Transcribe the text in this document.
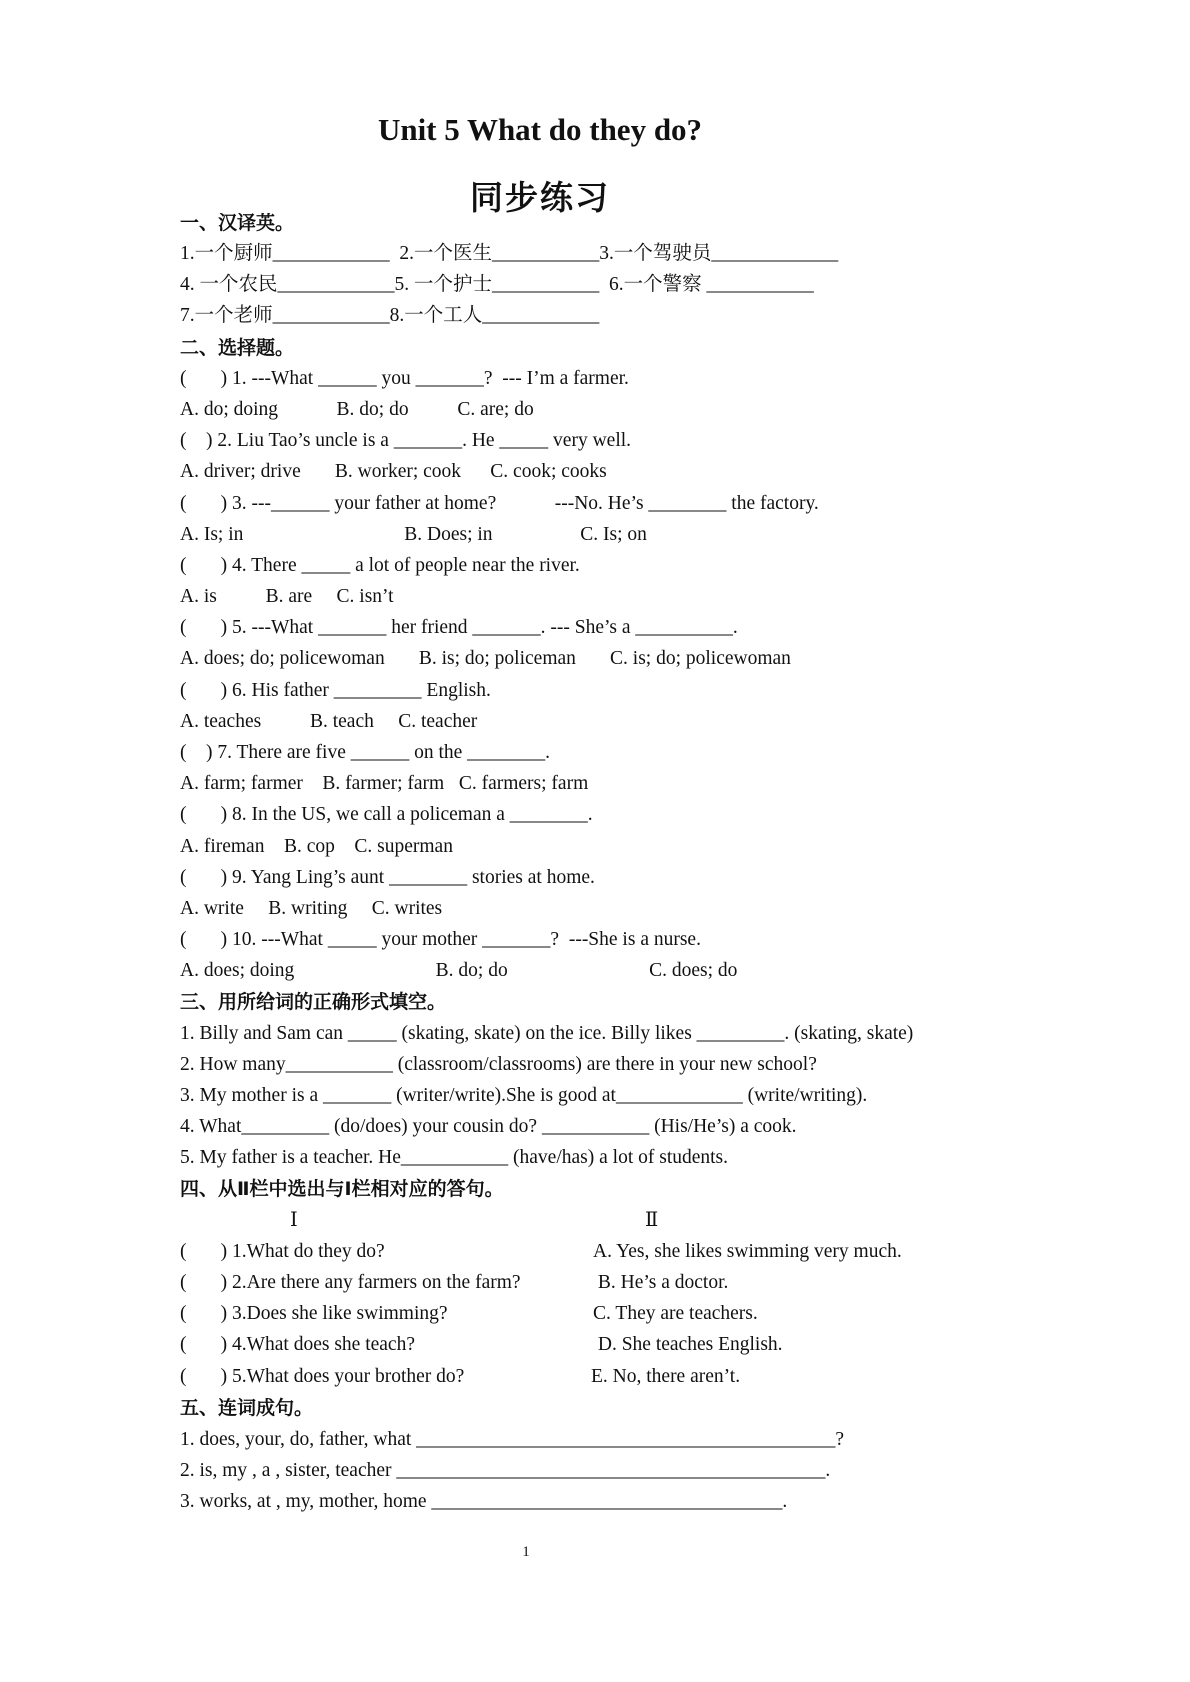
Unit 5 What do they do?
同步练习
一、汉译英。
1.一个厨师____________  2.一个医生___________3.一个驾驶员_____________
4. 一个农民____________5. 一个护士___________  6.一个警察 ___________
7.一个老师____________8.一个工人____________
二、选择题。
(       ) 1. ---What ______ you _______?  --- I’m a farmer.
A. do; doing            B. do; do          C. are; do
(    ) 2. Liu Tao’s uncle is a _______. He _____ very well.
A. driver; drive       B. worker; cook      C. cook; cooks
(       ) 3. ---______ your father at home?            ---No. He’s ________ the factory.
A. Is; in                                 B. Does; in                  C. Is; on
(       ) 4. There _____ a lot of people near the river.
A. is          B. are     C. isn’t
(       ) 5. ---What _______ her friend _______. --- She’s a __________.
A. does; do; policewoman       B. is; do; policeman       C. is; do; policewoman
(       ) 6. His father _________ English.
A. teaches          B. teach     C. teacher
(    ) 7. There are five ______ on the ________.
A. farm; farmer    B. farmer; farm   C. farmers; farm
(       ) 8. In the US, we call a policeman a ________.
A. fireman    B. cop    C. superman
(       ) 9. Yang Ling’s aunt ________ stories at home.
A. write     B. writing     C. writes
(       ) 10. ---What _____ your mother _______?  ---She is a nurse.
A. does; doing                             B. do; do                             C. does; do
三、用所给词的正确形式填空。
1. Billy and Sam can _____ (skating, skate) on the ice. Billy likes _________. (skating, skate)
2. How many___________ (classroom/classrooms) are there in your new school?
3. My mother is a _______ (writer/write).She is good at_____________ (write/writing).
4. What_________ (do/does) your cousin do? ___________ (His/He’s) a cook.
5. My father is a teacher. He___________ (have/has) a lot of students.
四、从Ⅱ栏中选出与Ⅰ栏相对应的答句。
Ⅰ	Ⅱ
(       ) 1.What do they do?
(       ) 2.Are there any farmers on the farm?
(       ) 3.Does she like swimming?
(       ) 4.What does she teach?
(       ) 5.What does your brother do?
A. Yes, she likes swimming very much.
B. He’s a doctor.
C. They are teachers.
D. She teaches English.
E. No, there aren’t.
五、连词成句。
1. does, your, do, father, what ___________________________________________?
2. is, my , a , sister, teacher ____________________________________________.
3. works, at , my, mother, home ____________________________________.
1
